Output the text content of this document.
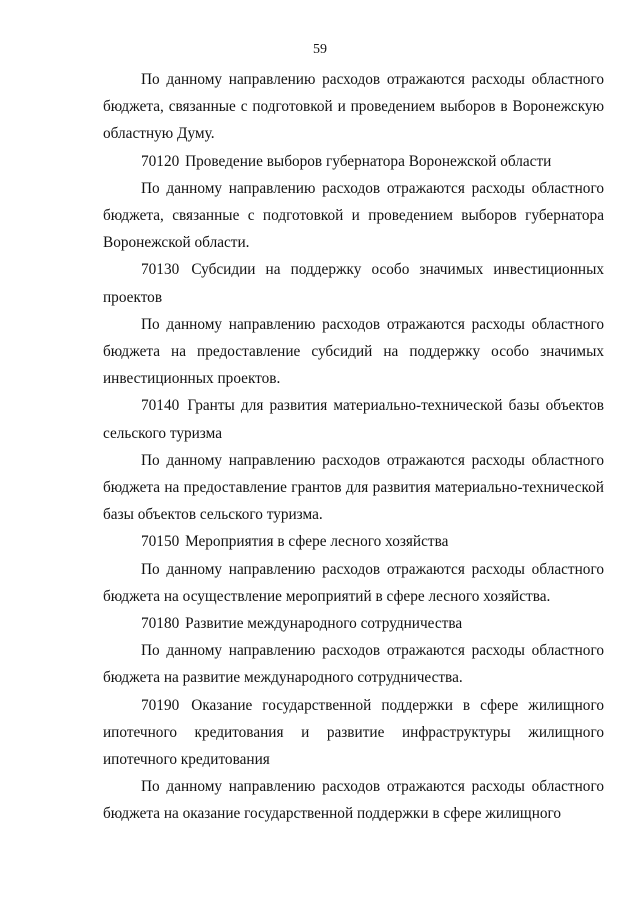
59

По данному направлению расходов отражаются расходы областного бюджета, связанные с подготовкой и проведением выборов в Воронежскую областную Думу.

70120 Проведение выборов губернатора Воронежской области

По данному направлению расходов отражаются расходы областного бюджета, связанные с подготовкой и проведением выборов губернатора Воронежской области.

70130 Субсидии на поддержку особо значимых инвестиционных проектов

По данному направлению расходов отражаются расходы областного бюджета на предоставление субсидий на поддержку особо значимых инвестиционных проектов.

70140 Гранты для развития материально-технической базы объектов сельского туризма

По данному направлению расходов отражаются расходы областного бюджета на предоставление грантов для развития материально-технической базы объектов сельского туризма.

70150 Мероприятия в сфере лесного хозяйства

По данному направлению расходов отражаются расходы областного бюджета на осуществление мероприятий в сфере лесного хозяйства.

70180 Развитие международного сотрудничества

По данному направлению расходов отражаются расходы областного бюджета на развитие международного сотрудничества.

70190 Оказание государственной поддержки в сфере жилищного ипотечного кредитования и развитие инфраструктуры жилищного ипотечного кредитования

По данному направлению расходов отражаются расходы областного бюджета на оказание государственной поддержки в сфере жилищного
